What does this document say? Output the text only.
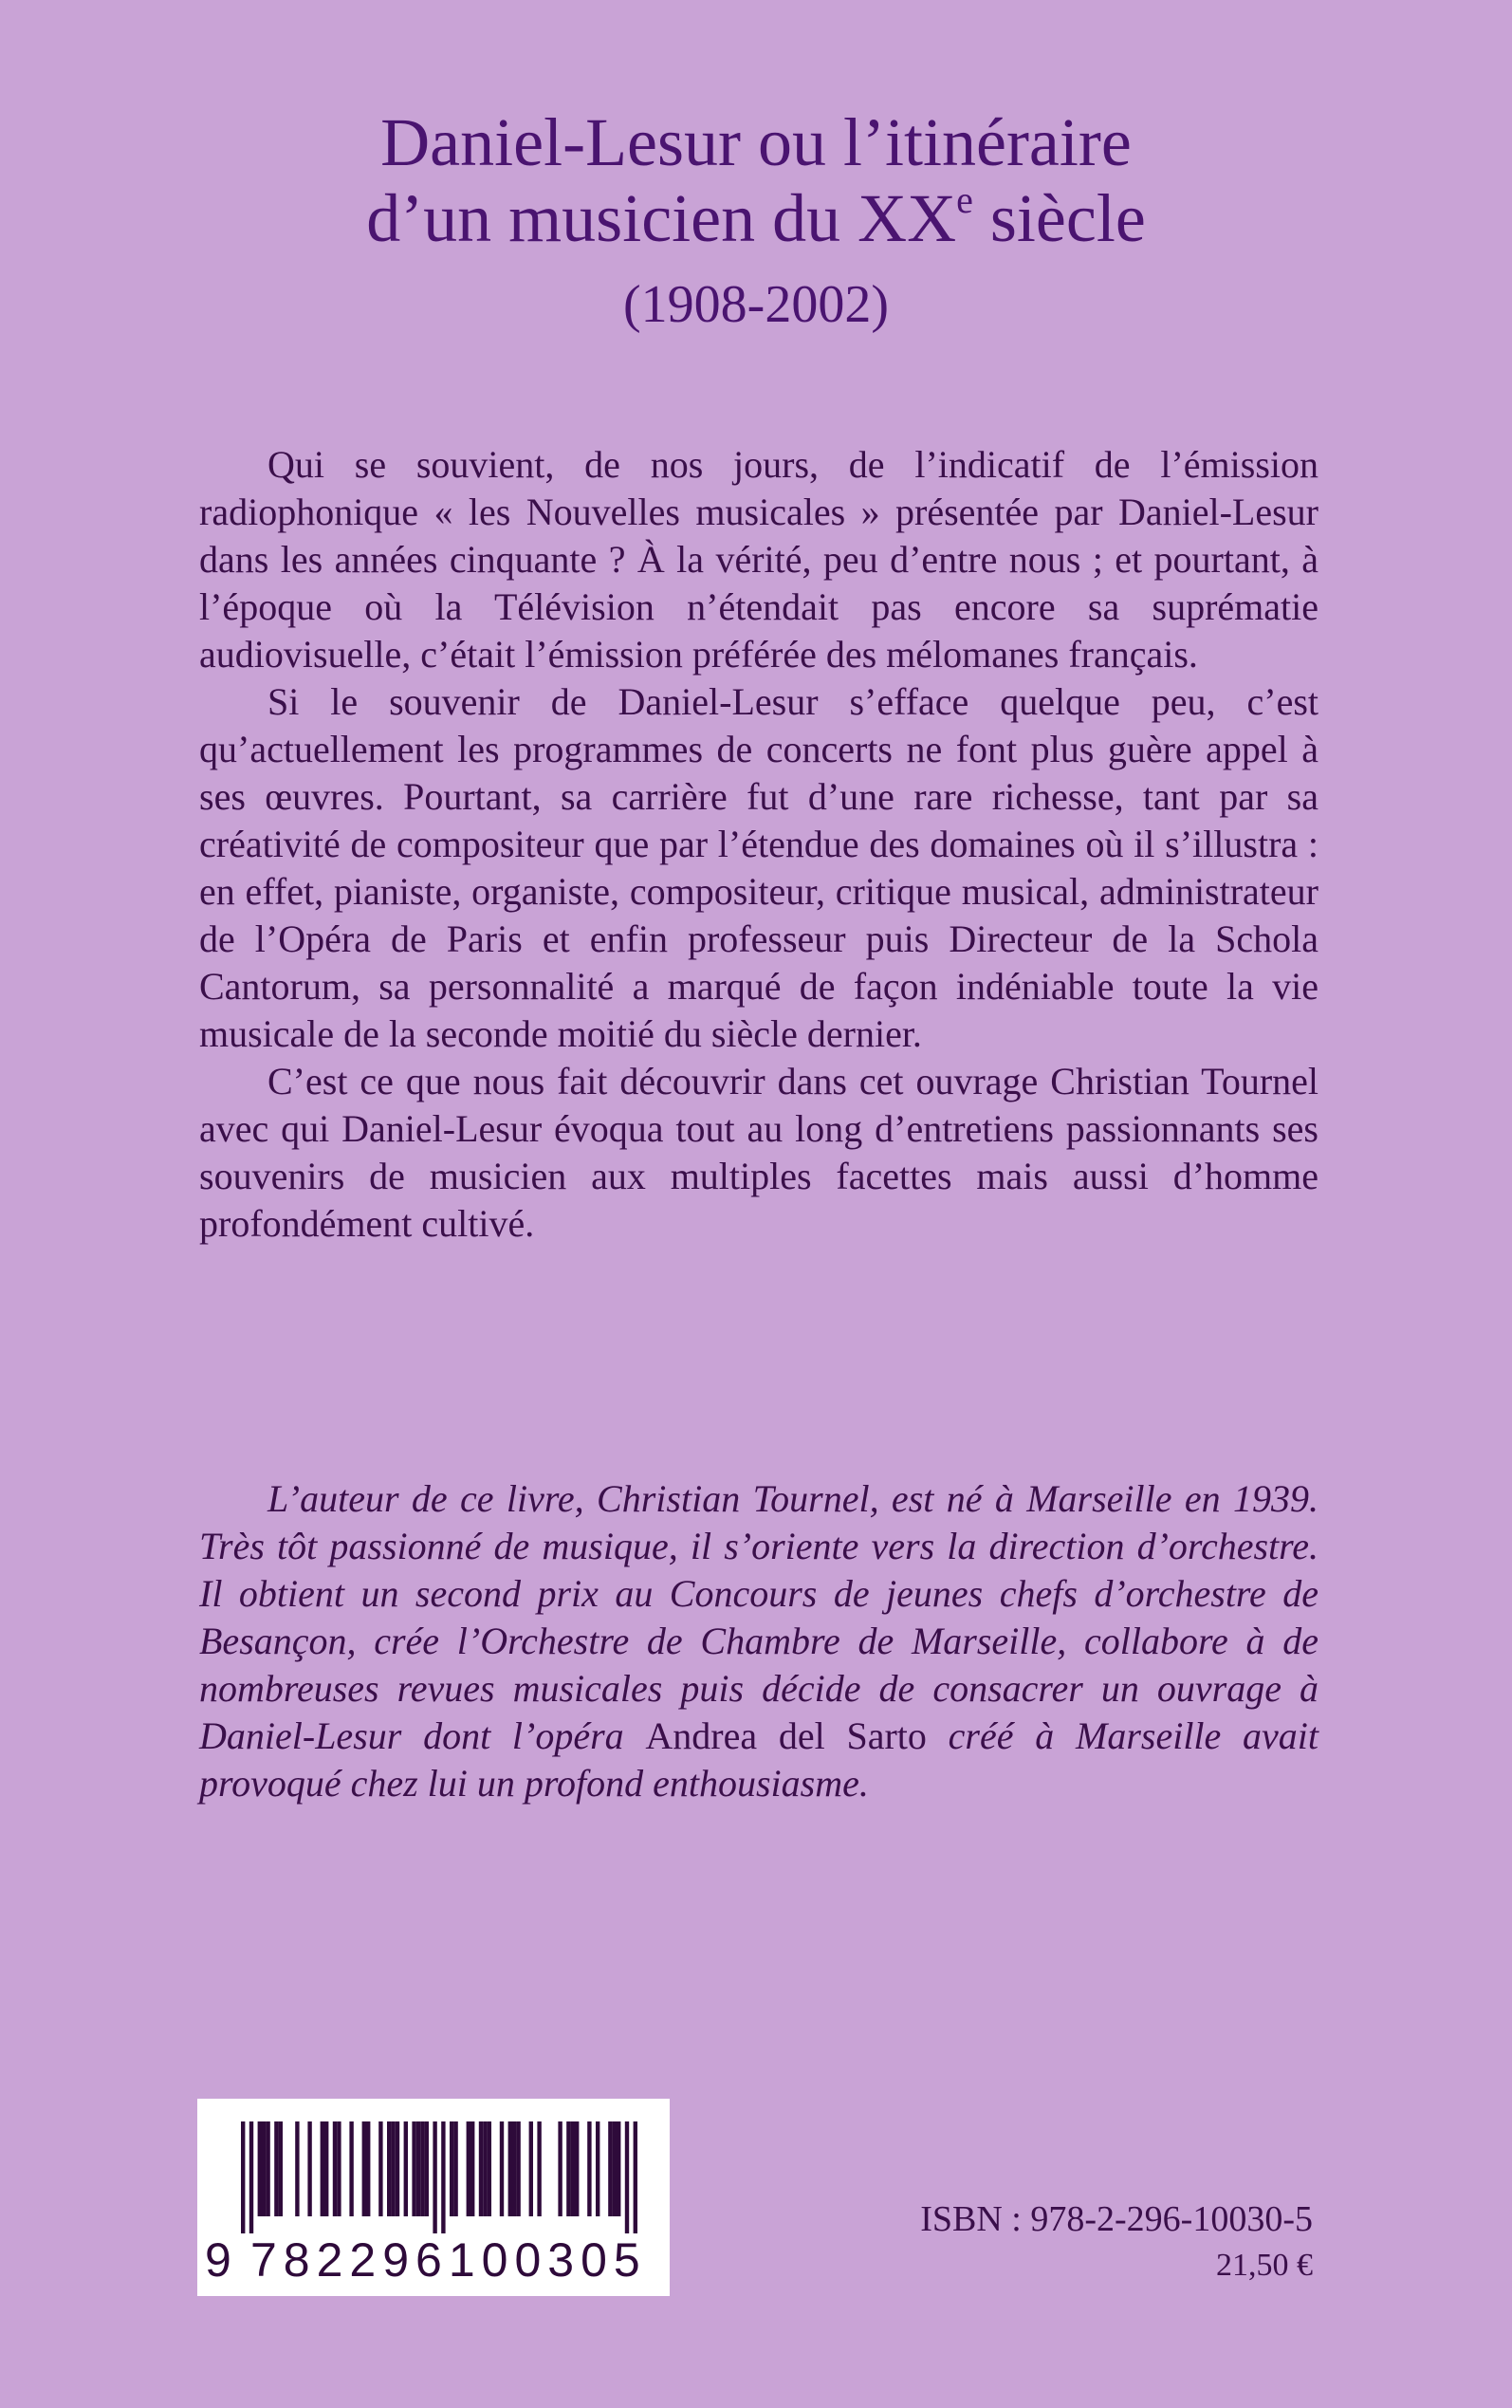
Daniel-Lesur ou l’itinéraire
d’un musicien du XXe siècle
(1908-2002)

Qui se souvient, de nos jours, de l’indicatif de l’émission radiophonique « les Nouvelles musicales » présentée par Daniel-Lesur dans les années cinquante ? À la vérité, peu d’entre nous ; et pourtant, à l’époque où la Télévision n’étendait pas encore sa suprématie audiovisuelle, c’était l’émission préférée des mélomanes français.

Si le souvenir de Daniel-Lesur s’efface quelque peu, c’est qu’actuellement les programmes de concerts ne font plus guère appel à ses œuvres. Pourtant, sa carrière fut d’une rare richesse, tant par sa créativité de compositeur que par l’étendue des domaines où il s’illustra : en effet, pianiste, organiste, compositeur, critique musical, administrateur de l’Opéra de Paris et enfin professeur puis Directeur de la Schola Cantorum, sa personnalité a marqué de façon indéniable toute la vie musicale de la seconde moitié du siècle dernier.

C’est ce que nous fait découvrir dans cet ouvrage Christian Tournel avec qui Daniel-Lesur évoqua tout au long d’entretiens passionnants ses souvenirs de musicien aux multiples facettes mais aussi d’homme profondément cultivé.

L’auteur de ce livre, Christian Tournel, est né à Marseille en 1939. Très tôt passionné de musique, il s’oriente vers la direction d’orchestre. Il obtient un second prix au Concours de jeunes chefs d’orchestre de Besançon, crée l’Orchestre de Chambre de Marseille, collabore à de nombreuses revues musicales puis décide de consacrer un ouvrage à Daniel-Lesur dont l’opéra Andrea del Sarto créé à Marseille avait provoqué chez lui un profond enthousiasme.
9 782296100305
ISBN : 978-2-296-10030-5
21,50 €
